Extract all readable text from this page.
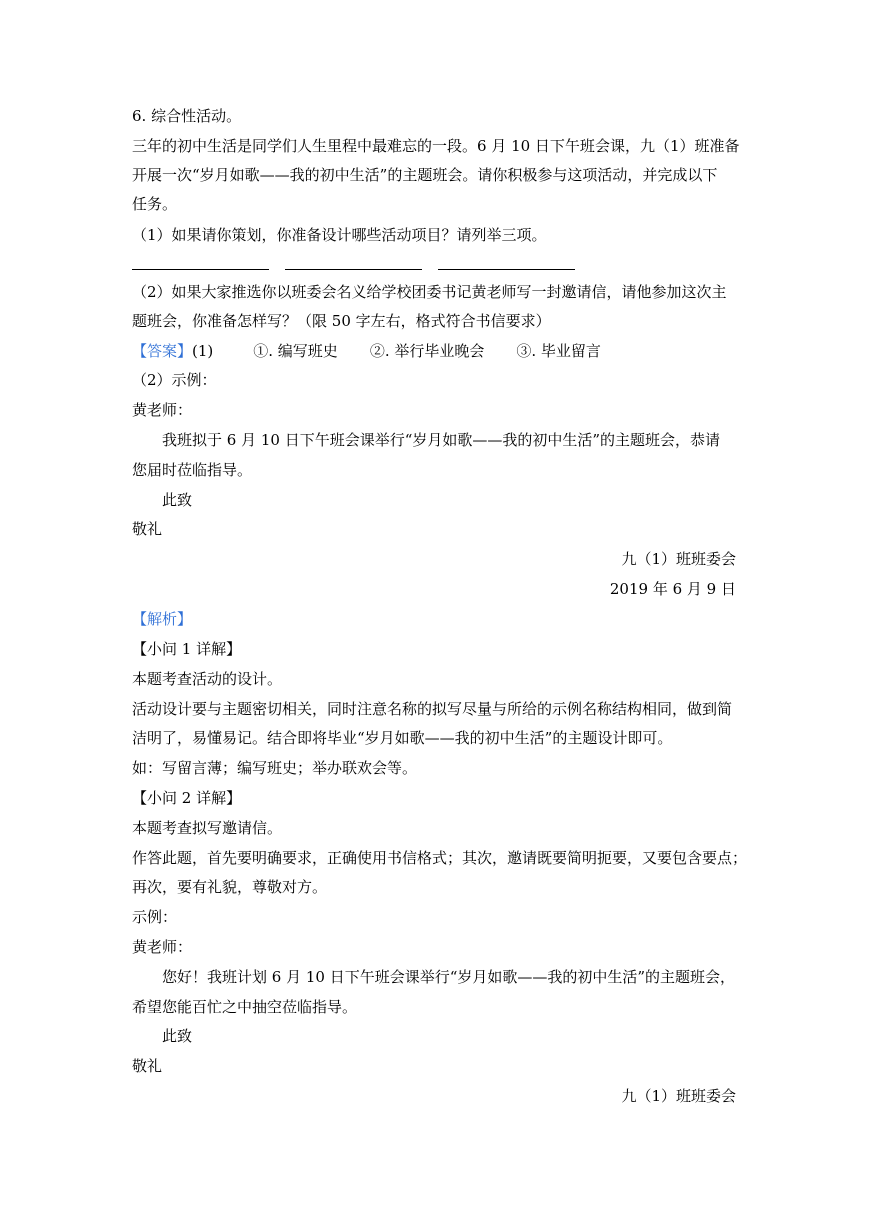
6. 综合性活动。
三年的初中生活是同学们人生里程中最难忘的一段。6 月 10 日下午班会课，九（1）班准备
开展一次“岁月如歌——我的初中生活”的主题班会。请你积极参与这项活动，并完成以下
任务。
（1）如果请你策划，你准备设计哪些活动项目？请列举三项。
（2）如果大家推选你以班委会名义给学校团委书记黄老师写一封邀请信，请他参加这次主
题班会，你准备怎样写？（限 50 字左右，格式符合书信要求）
【答案】(1)	①. 编写班史 ②. 举行毕业晚会 ③. 毕业留言
（2）示例：
黄老师：
我班拟于 6 月 10 日下午班会课举行“岁月如歌——我的初中生活”的主题班会，恭请
您届时莅临指导。
此致
敬礼
九（1）班班委会
2019 年 6 月 9 日
【解析】
【小问 1 详解】
本题考查活动的设计。
活动设计要与主题密切相关，同时注意名称的拟写尽量与所给的示例名称结构相同，做到简
洁明了，易懂易记。结合即将毕业“岁月如歌——我的初中生活”的主题设计即可。
如：写留言薄；编写班史；举办联欢会等。
【小问 2 详解】
本题考查拟写邀请信。
作答此题，首先要明确要求，正确使用书信格式；其次，邀请既要简明扼要，又要包含要点；
再次，要有礼貌，尊敬对方。
示例：
黄老师：
您好！我班计划 6 月 10 日下午班会课举行“岁月如歌——我的初中生活”的主题班会，
希望您能百忙之中抽空莅临指导。
此致
敬礼
九（1）班班委会
